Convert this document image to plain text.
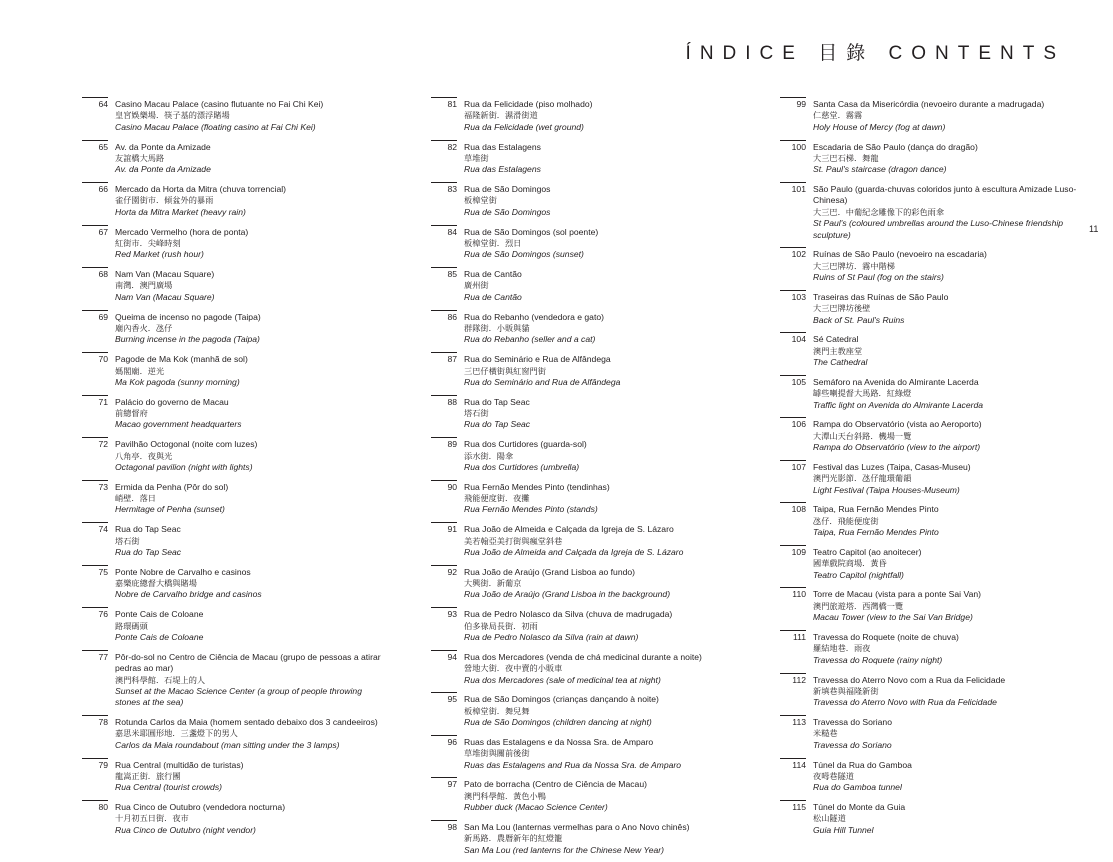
ÍNDICE 目錄 CONTENTS
11
64 Casino Macau Palace (casino flutuante no Fai Chi Kei)
皇宮娛樂場．筷子基的漂浮賭場
Casino Macau Palace (floating casino at Fai Chi Kei)
65 Av. da Ponte da Amizade
友誼橋大馬路
Av. da Ponte da Amizade
66 Mercado da Horta da Mitra (chuva torrencial)
雀仔園街市．傾盆外的暴雨
Horta da Mitra Market (heavy rain)
67 Mercado Vermelho (hora de ponta)
紅街市．尖峰時刻
Red Market (rush hour)
68 Nam Van (Macau Square)
南灣．澳門廣場
Nam Van (Macau Square)
69 Queima de incenso no pagode (Taipa)
廟內香火．氹仔
Burning incense in the pagoda (Taipa)
70 Pagode de Ma Kok (manhã de sol)
媽閣廟．逆光
Ma Kok pagoda (sunny morning)
71 Palácio do governo de Macau
前總督府
Macao government headquarters
72 Pavilhão Octogonal (noite com luzes)
八角亭．夜與光
Octagonal pavilion (night with lights)
73 Ermida da Penha (Pôr do sol)
峭壁．落日
Hermitage of Penha (sunset)
74 Rua do Tap Seac
塔石街
Rua do Tap Seac
75 Ponte Nobre de Carvalho e casinos
嘉樂庇總督大橋與賭場
Nobre de Carvalho bridge and casinos
76 Ponte Cais de Coloane
路環碼頭
Ponte Cais de Coloane
77 Pôr-do-sol no Centro de Ciência de Macau (grupo de pessoas a atirar pedras ao mar)
澳門科學館．石堤上的人
Sunset at the Macao Science Center (a group of people throwing stones at the sea)
78 Rotunda Carlos da Maia (homem sentado debaixo dos 3 candeeiros)
嘉思米耶圓形地．三盞燈下的男人
Carlos da Maia roundabout (man sitting under the 3 lamps)
79 Rua Central (multidão de turistas)
龍嵩正街．旅行團
Rua Central (tourist crowds)
80 Rua Cinco de Outubro (vendedora nocturna)
十月初五日街．夜市
Rua Cinco de Outubro (night vendor)
81 Rua da Felicidade (piso molhado)
福隆新街．濕滑街道
Rua da Felicidade (wet ground)
82 Rua das Estalagens
草堆街
Rua das Estalagens
83 Rua de São Domingos
板樟堂街
Rua de São Domingos
84 Rua de São Domingos (sol poente)
板樟堂街．烈日
Rua de São Domingos (sunset)
85 Rua de Cantão
廣州街
Rua de Cantão
86 Rua do Rebanho (vendedora e gato)
群隊街．小販與貓
Rua do Rebanho (seller and a cat)
87 Rua do Seminário e Rua de Alfândega
三巴仔橫街與紅窗門街
Rua do Seminário and Rua de Alfândega
88 Rua do Tap Seac
塔石街
Rua do Tap Seac
89 Rua dos Curtidores (guarda-sol)
添水街．陽傘
Rua dos Curtidores (umbrella)
90 Rua Fernão Mendes Pinto (tendinhas)
飛能便度街．夜攤
Rua Fernão Mendes Pinto (stands)
91 Rua João de Almeida e Calçada da Igreja de S. Lázaro
美若翰亞美打街與瘋堂斜巷
Rua João de Almeida and Calçada da Igreja de S. Lázaro
92 Rua João de Araújo (Grand Lisboa ao fundo)
大興街．新葡京
Rua João de Araújo (Grand Lisboa in the background)
93 Rua de Pedro Nolasco da Silva (chuva de madrugada)
伯多祿局長街．初雨
Rua de Pedro Nolasco da Silva (rain at dawn)
94 Rua dos Mercadores (venda de chá medicinal durante a noite)
營地大街．夜中賣的小販車
Rua dos Mercadores (sale of medicinal tea at night)
95 Rua de São Domingos (crianças dançando à noite)
板樟堂街．舞兒舞
Rua de São Domingos (children dancing at night)
96 Ruas das Estalagens e da Nossa Sra. de Amparo
草堆街與關前後街
Ruas das Estalagens and Rua da Nossa Sra. de Amparo
97 Pato de borracha (Centro de Ciência de Macau)
澳門科學館．黃色小鴨
Rubber duck (Macao Science Center)
98 San Ma Lou (lanternas vermelhas para o Ano Novo chinês)
新馬路．農曆新年的紅燈籠
San Ma Lou (red lanterns for the Chinese New Year)
99 Santa Casa da Misericórdia (nevoeiro durante a madrugada)
仁慈堂．霧霧
Holy House of Mercy (fog at dawn)
100 Escadaria de São Paulo (dança do dragão)
大三巴石梯．舞龍
St. Paul's staircase (dragon dance)
101 São Paulo (guarda-chuvas coloridos junto à escultura Amizade Luso-Chinesa)
大三巴．中葡紀念雕像下的彩色雨傘
St Paul's (coloured umbrellas around the Luso-Chinese friendship sculpture)
102 Ruínas de São Paulo (nevoeiro na escadaria)
大三巴牌坊．霧中階梯
Ruins of St Paul (fog on the stairs)
103 Traseiras das Ruínas de São Paulo
大三巴牌坊後壁
Back of St. Paul's Ruins
104 Sé Catedral
澳門主教座堂
The Cathedral
105 Semáforo na Avenida do Almirante Lacerda
罅些喇提督大馬路．紅綠燈
Traffic light on Avenida do Almirante Lacerda
106 Rampa do Observatório (vista ao Aeroporto)
大潭山天台斜路．機場一覽
Rampa do Observatório (view to the airport)
107 Festival das Luzes (Taipa, Casas-Museu)
澳門光影節．氹仔龍環葡韻
Light Festival (Taipa Houses-Museum)
108 Taipa, Rua Fernão Mendes Pinto
氹仔．飛能便度街
Taipa, Rua Fernão Mendes Pinto
109 Teatro Capitol (ao anoitecer)
國華戲院商場．黃昏
Teatro Capitol (nightfall)
110 Torre de Macau (vista para a ponte Sai Van)
澳門旅遊塔．西灣橋一覽
Macau Tower (view to the Sai Van Bridge)
111 Travessa do Roquete (noite de chuva)
羅結地巷．雨夜
Travessa do Roquete (rainy night)
112 Travessa do Aterro Novo com a Rua da Felicidade
新填巷與福隆新街
Travessa do Aterro Novo with Rua da Felicidade
113 Travessa do Soriano
米糙巷
Travessa do Soriano
114 Túnel da Rua do Gamboa
夜呣巷隧道
Rua do Gamboa tunnel
115 Túnel do Monte da Guia
松山隧道
Guia Hill Tunnel
